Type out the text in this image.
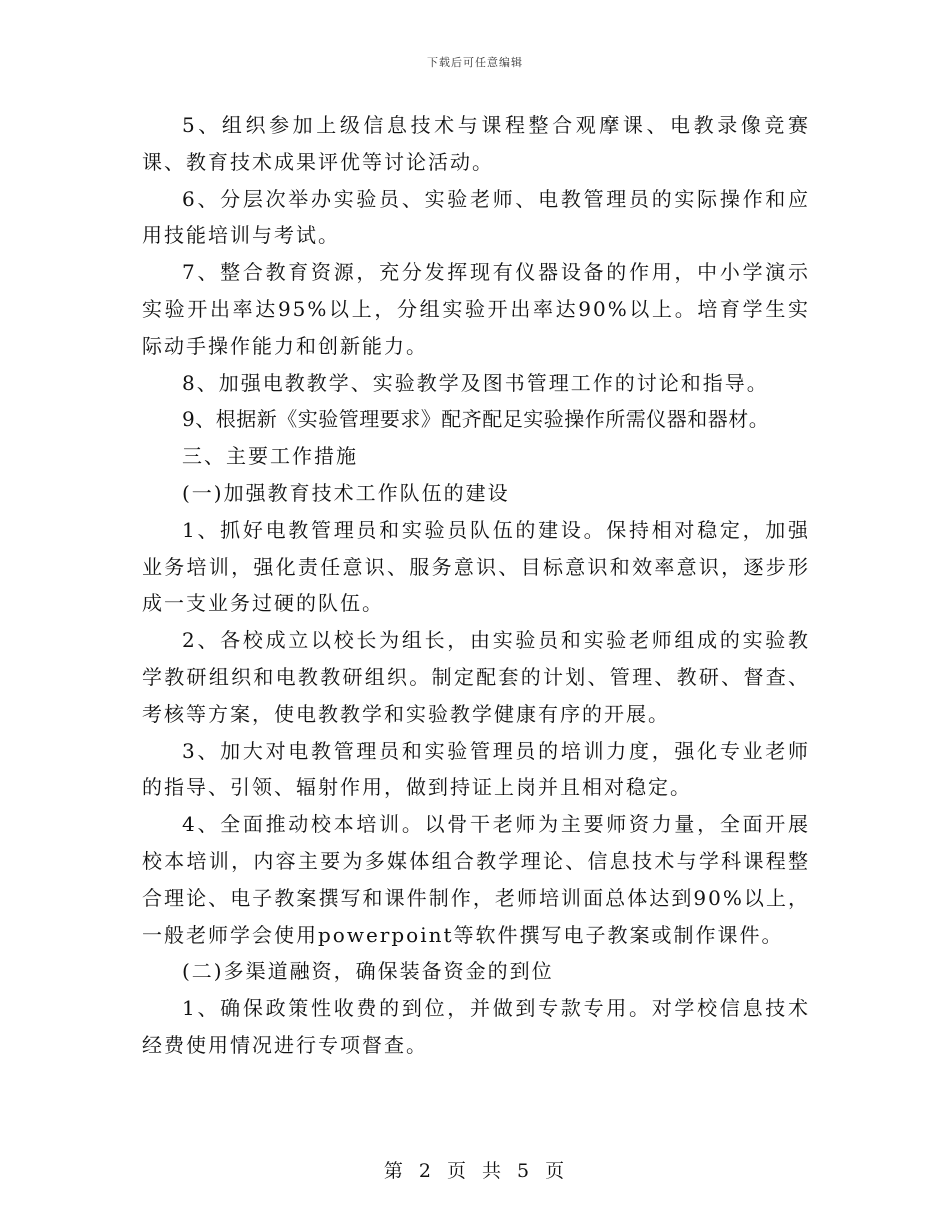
下载后可任意编辑

5、组织参加上级信息技术与课程整合观摩课、电教录像竞赛课、教育技术成果评优等讨论活动。

6、分层次举办实验员、实验老师、电教管理员的实际操作和应用技能培训与考试。

7、整合教育资源，充分发挥现有仪器设备的作用，中小学演示实验开出率达95%以上，分组实验开出率达90%以上。培育学生实际动手操作能力和创新能力。

8、加强电教教学、实验教学及图书管理工作的讨论和指导。

9、根据新《实验管理要求》配齐配足实验操作所需仪器和器材。

三、主要工作措施

(一)加强教育技术工作队伍的建设

1、抓好电教管理员和实验员队伍的建设。保持相对稳定，加强业务培训，强化责任意识、服务意识、目标意识和效率意识，逐步形成一支业务过硬的队伍。

2、各校成立以校长为组长，由实验员和实验老师组成的实验教学教研组织和电教教研组织。制定配套的计划、管理、教研、督查、考核等方案，使电教教学和实验教学健康有序的开展。

3、加大对电教管理员和实验管理员的培训力度，强化专业老师的指导、引领、辐射作用，做到持证上岗并且相对稳定。

4、全面推动校本培训。以骨干老师为主要师资力量，全面开展校本培训，内容主要为多媒体组合教学理论、信息技术与学科课程整合理论、电子教案撰写和课件制作，老师培训面总体达到90%以上，一般老师学会使用powerpoint等软件撰写电子教案或制作课件。

(二)多渠道融资，确保装备资金的到位

1、确保政策性收费的到位，并做到专款专用。对学校信息技术经费使用情况进行专项督查。

第 2 页 共 5 页
